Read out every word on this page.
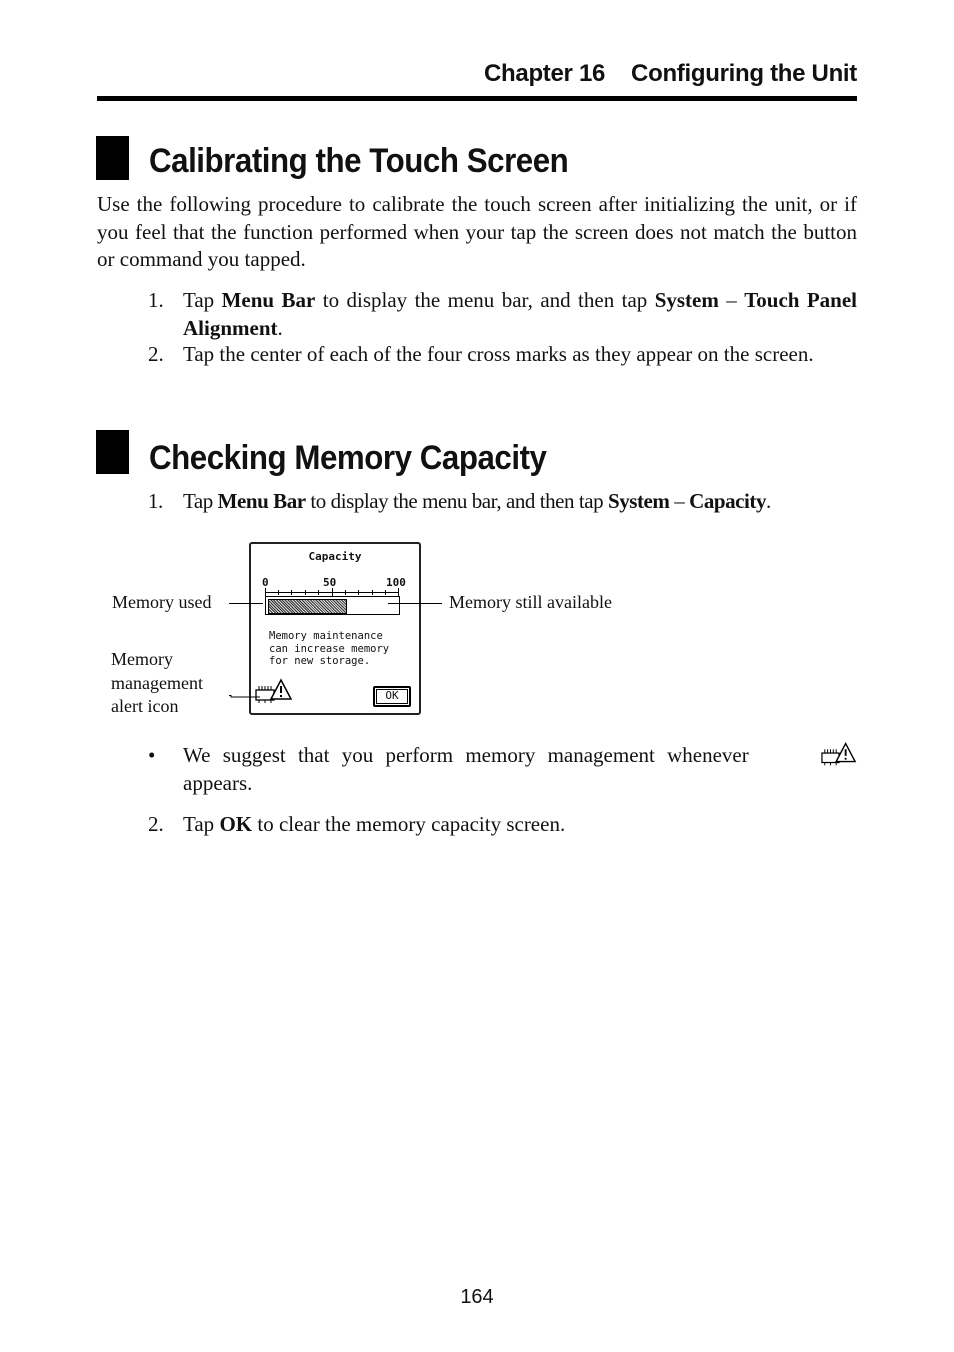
Chapter 16 Configuring the Unit
Calibrating the Touch Screen
Use the following procedure to calibrate the touch screen after initializing the unit, or if you feel that the function performed when your tap the screen does not match the button or command you tapped.
1. Tap Menu Bar to display the menu bar, and then tap System – Touch Panel Alignment.
2. Tap the center of each of the four cross marks as they appear on the screen.
Checking Memory Capacity
1. Tap Menu Bar to display the menu bar, and then tap System – Capacity.
Capacity
0	50	100
Memory maintenance
can increase memory
for new storage.
OK
Memory used	Memory still available
Memory
management
alert icon
• We suggest that you perform memory management whenever
appears.
2. Tap OK to clear the memory capacity screen.
164
